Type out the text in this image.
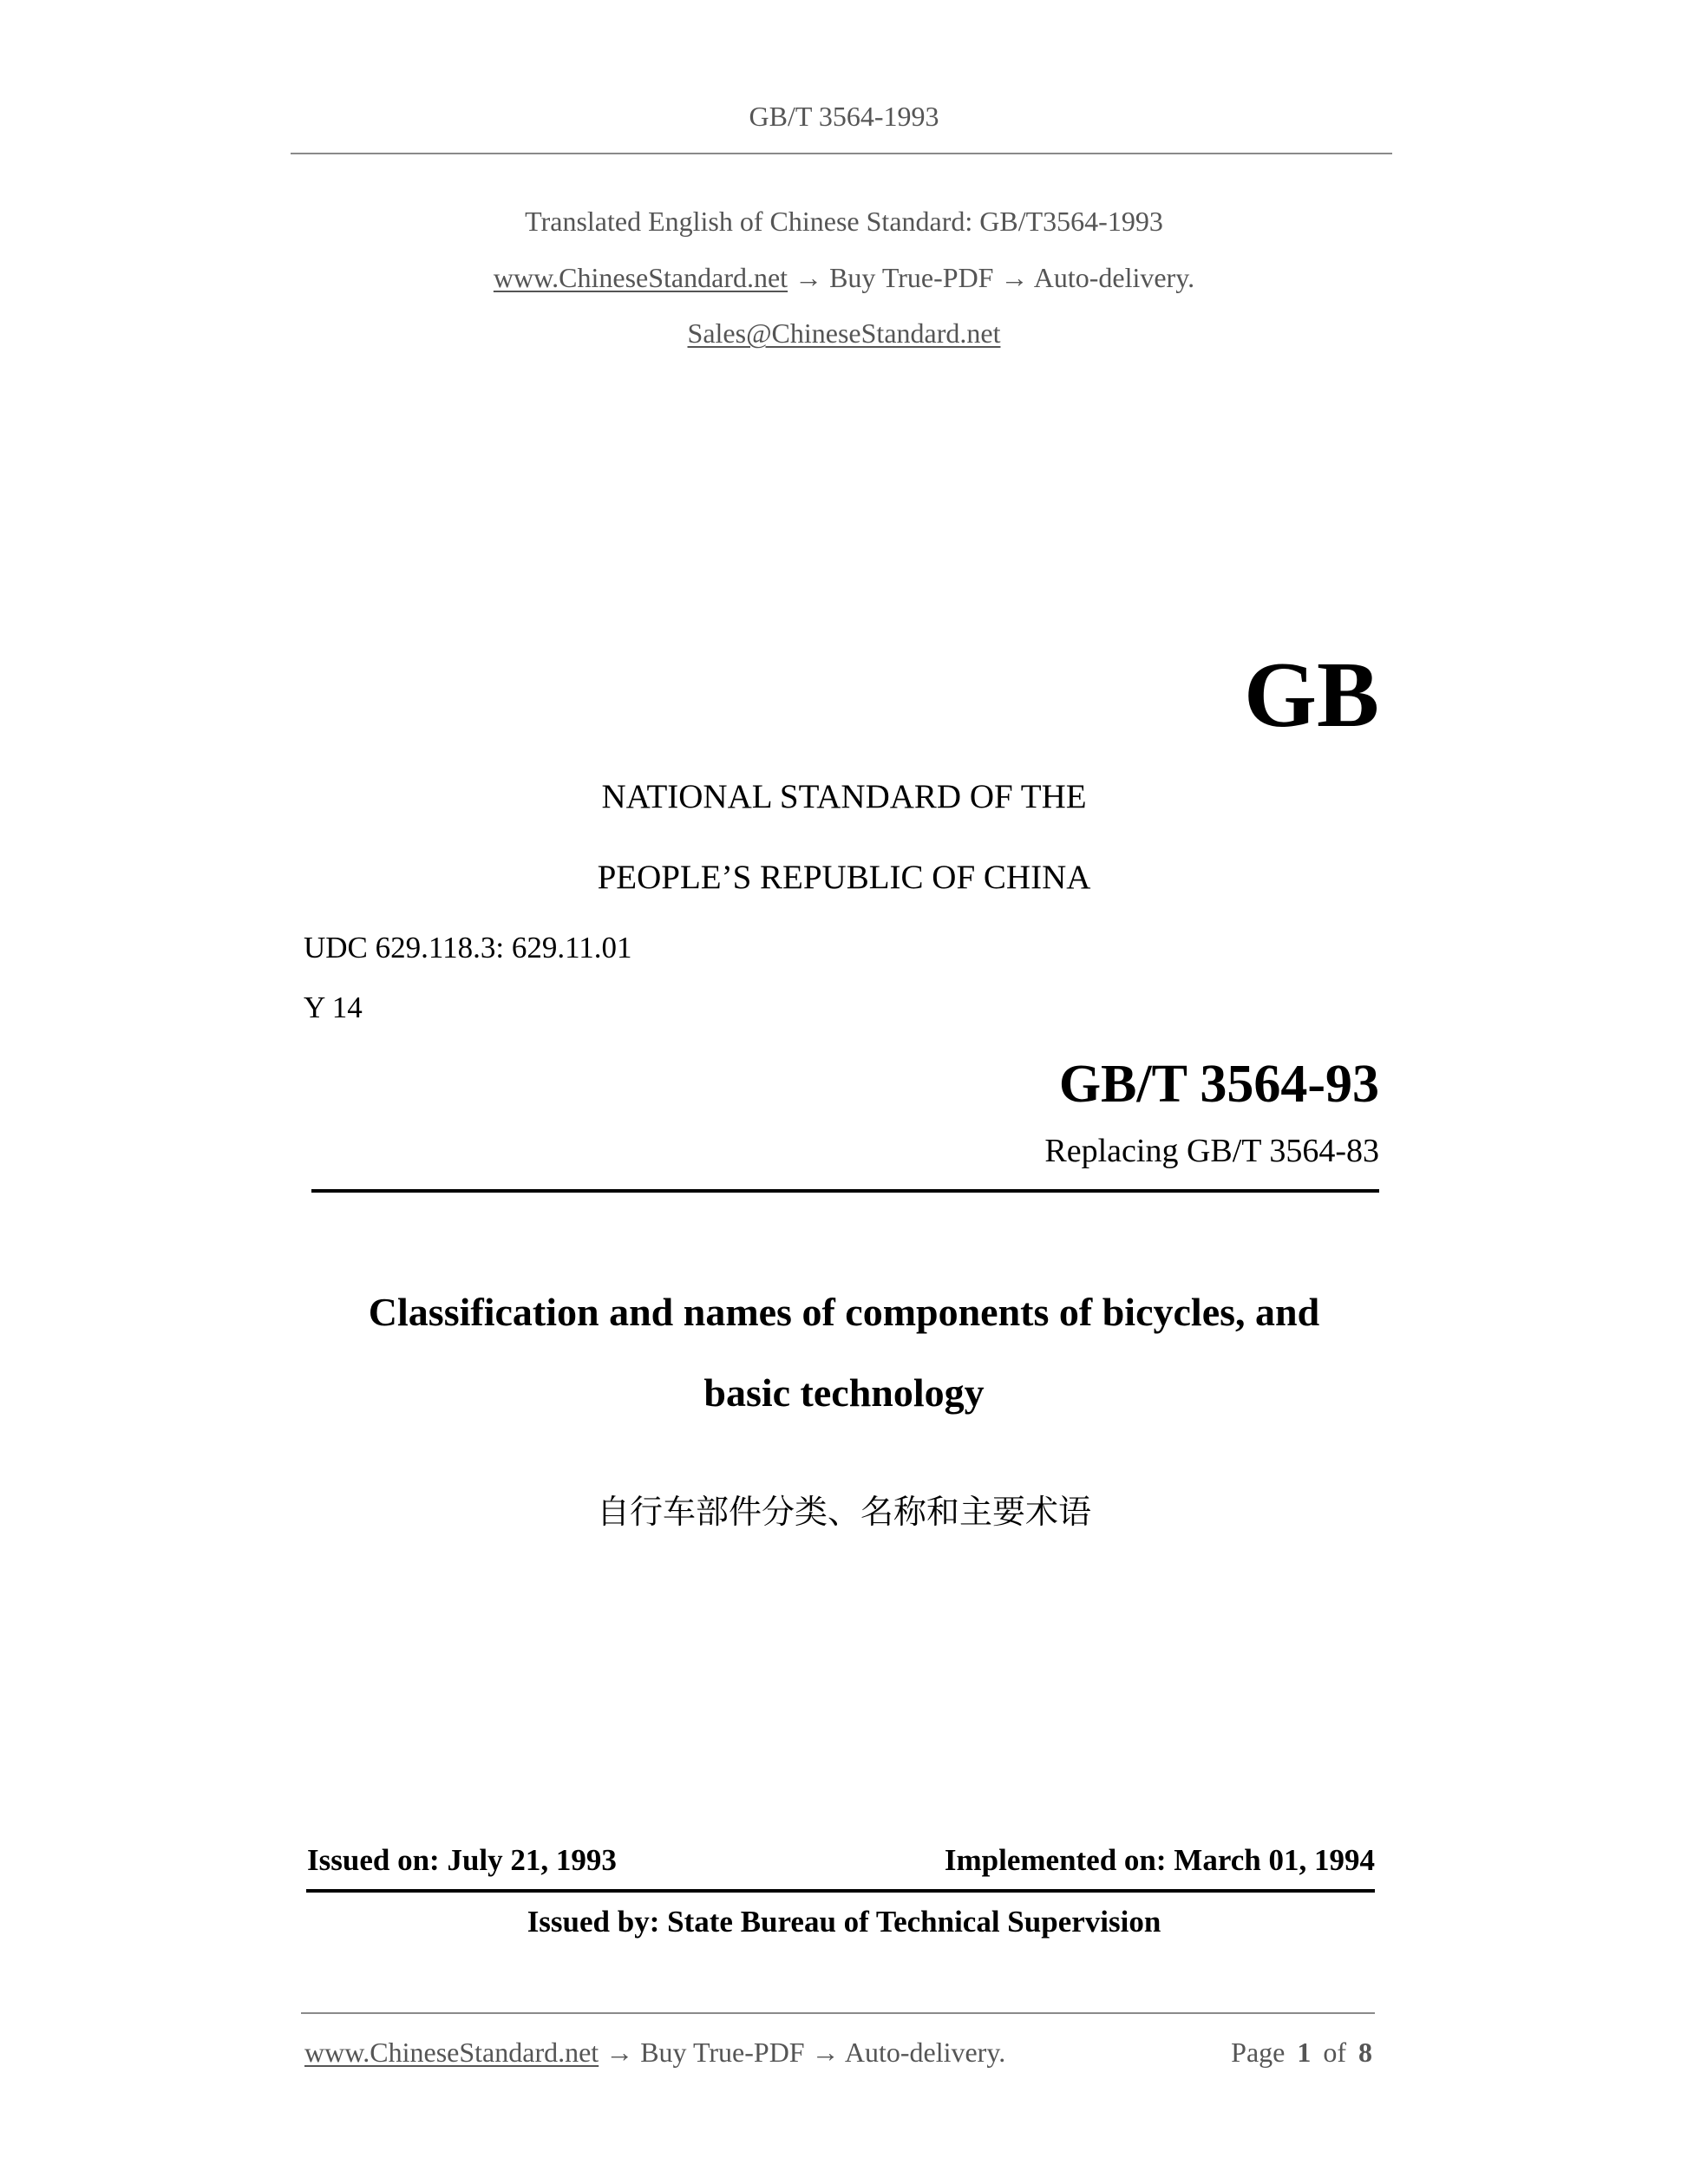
GB/T 3564-1993
Translated English of Chinese Standard: GB/T3564-1993
www.ChineseStandard.net → Buy True-PDF → Auto-delivery.
Sales@ChineseStandard.net
GB
NATIONAL STANDARD OF THE
PEOPLE’S REPUBLIC OF CHINA
UDC 629.118.3: 629.11.01
Y 14
GB/T 3564-93
Replacing GB/T 3564-83
Classification and names of components of bicycles, and
basic technology
自行车部件分类、名称和主要术语
Issued on: July 21, 1993	Implemented on: March 01, 1994
Issued by: State Bureau of Technical Supervision
www.ChineseStandard.net → Buy True-PDF → Auto-delivery.	Page 1 of 8
